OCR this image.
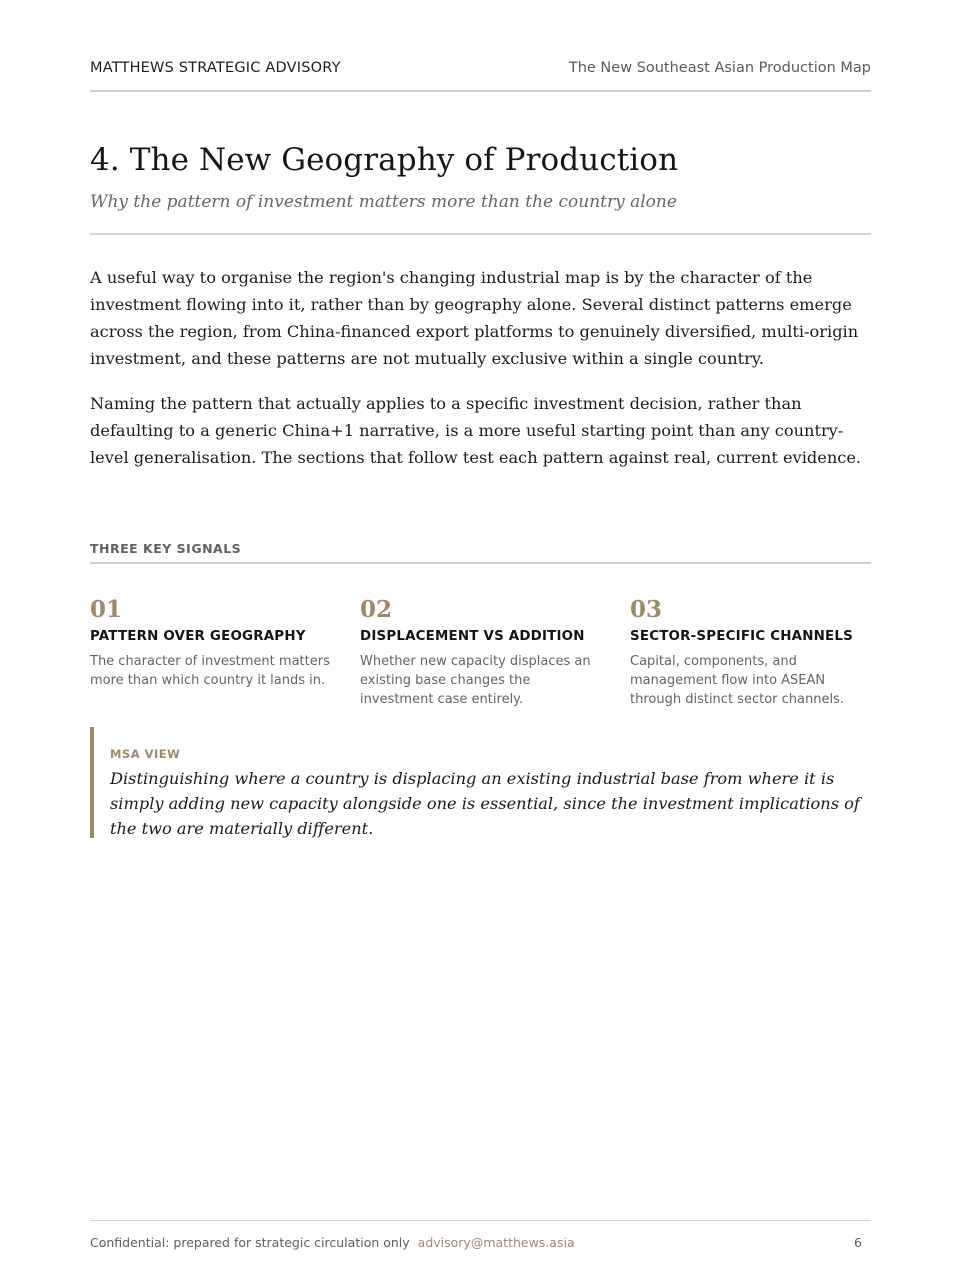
MATTHEWS STRATEGIC ADVISORY	The New Southeast Asian Production Map
4. The New Geography of Production

Why the pattern of investment matters more than the country alone

A useful way to organise the region's changing industrial map is by the character of the investment flowing into it, rather than by geography alone. Several distinct patterns emerge across the region, from China-financed export platforms to genuinely diversified, multi-origin investment, and these patterns are not mutually exclusive within a single country.

Naming the pattern that actually applies to a specific investment decision, rather than defaulting to a generic China+1 narrative, is a more useful starting point than any country-level generalisation. The sections that follow test each pattern against real, current evidence.

THREE KEY SIGNALS
01
PATTERN OVER GEOGRAPHY
The character of investment matters more than which country it lands in.
02
DISPLACEMENT VS ADDITION
Whether new capacity displaces an existing base changes the investment case entirely.
03
SECTOR-SPECIFIC CHANNELS
Capital, components, and management flow into ASEAN through distinct sector channels.
MSA VIEW

Distinguishing where a country is displacing an existing industrial base from where it is simply adding new capacity alongside one is essential, since the investment implications of the two are materially different.

Confidential: prepared for strategic circulation only advisory@matthews.asia	6
